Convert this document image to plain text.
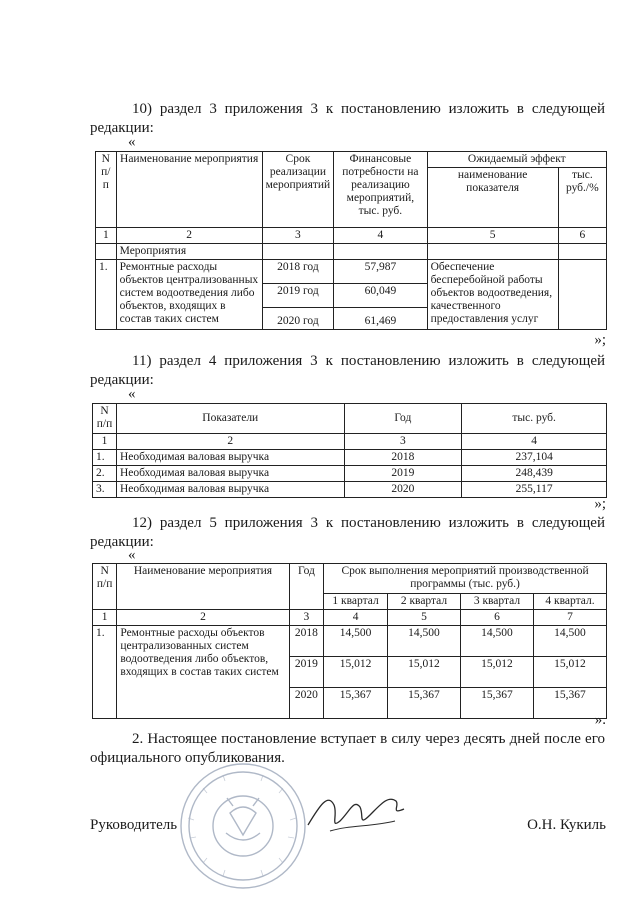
10) раздел 3 приложения 3 к постановлению изложить в следующей редакции:
«
N п/ п	Наименование мероприятия	Срок реализации мероприятий	Финансовые потребности на реализацию мероприятий, тыс. руб.	Ожидаемый эффект	
				наименование показателя	тыс. руб./%
1	2	3	4	5	6
	Мероприятия				
1.	Ремонтные расходы объектов централизованных систем водоотведения либо объектов, входящих в состав таких систем	2018 год	57,987	Обеспечение бесперебойной работы объектов водоотведения, качественного предоставления услуг	
		2019 год	60,049		
		2020 год	61,469		
»;
11) раздел 4 приложения 3 к постановлению изложить в следующей редакции:
«
N п/п	Показатели	Год	тыс. руб.
1	2	3	4
1.	Необходимая валовая выручка	2018	237,104
2.	Необходимая валовая выручка	2019	248,439
3.	Необходимая валовая выручка	2020	255,117
»;
12) раздел 5 приложения 3 к постановлению изложить в следующей редакции:
«
N п/п	Наименование мероприятия	Год	Срок выполнения мероприятий производственной программы (тыс. руб.)			
			1 квартал	2 квартал	3 квартал	4 квартал.
1	2	3	4	5	6	7
1.	Ремонтные расходы объектов централизованных систем водоотведения либо объектов, входящих в состав таких систем	2018	14,500	14,500	14,500	14,500
		2019	15,012	15,012	15,012	15,012
		2020	15,367	15,367	15,367	15,367
».
2. Настоящее постановление вступает в силу через десять дней после его официального опубликования.
Руководитель	О.Н. Кукиль
